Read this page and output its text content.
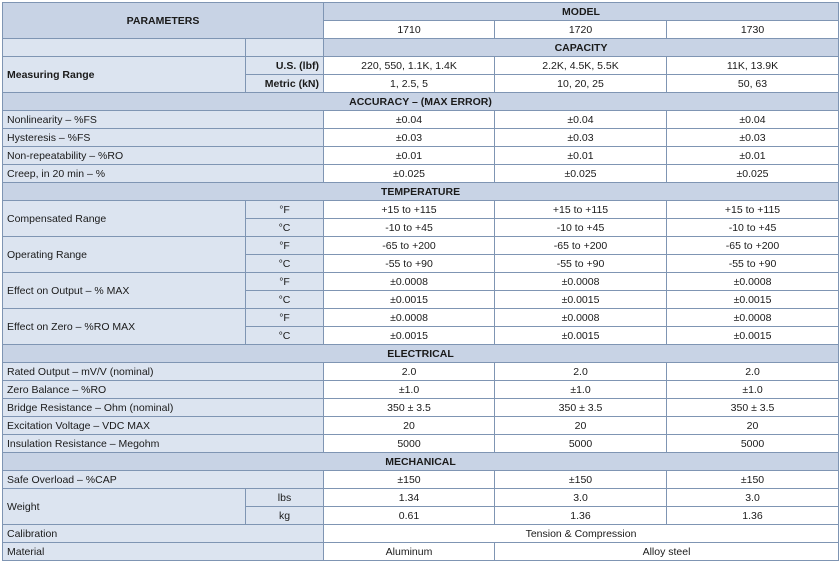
PARAMETERS		MODEL		
		1710	1720	1730
		CAPACITY		
Measuring Range	U.S. (lbf)	220, 550, 1.1K, 1.4K	2.2K, 4.5K, 5.5K	11K, 13.9K
	Metric (kN)	1, 2.5, 5	10, 20, 25	50, 63
ACCURACY – (MAX ERROR)				
Nonlinearity – %FS		±0.04	±0.04	±0.04
Hysteresis – %FS		±0.03	±0.03	±0.03
Non-repeatability – %RO		±0.01	±0.01	±0.01
Creep, in 20 min – %		±0.025	±0.025	±0.025
TEMPERATURE				
Compensated Range	°F	+15 to +115	+15 to +115	+15 to +115
	°C	-10 to +45	-10 to +45	-10 to +45
Operating Range	°F	-65 to +200	-65 to +200	-65 to +200
	°C	-55 to +90	-55 to +90	-55 to +90
Effect on Output – % MAX	°F	±0.0008	±0.0008	±0.0008
	°C	±0.0015	±0.0015	±0.0015
Effect on Zero – %RO MAX	°F	±0.0008	±0.0008	±0.0008
	°C	±0.0015	±0.0015	±0.0015
ELECTRICAL				
Rated Output – mV/V (nominal)		2.0	2.0	2.0
Zero Balance – %RO		±1.0	±1.0	±1.0
Bridge Resistance – Ohm (nominal)		350 ± 3.5	350 ± 3.5	350 ± 3.5
Excitation Voltage – VDC MAX		20	20	20
Insulation Resistance – Megohm		5000	5000	5000
MECHANICAL				
Safe Overload – %CAP		±150	±150	±150
Weight	lbs	1.34	3.0	3.0
	kg	0.61	1.36	1.36
Calibration		Tension & Compression		
Material		Aluminum	Alloy steel	
